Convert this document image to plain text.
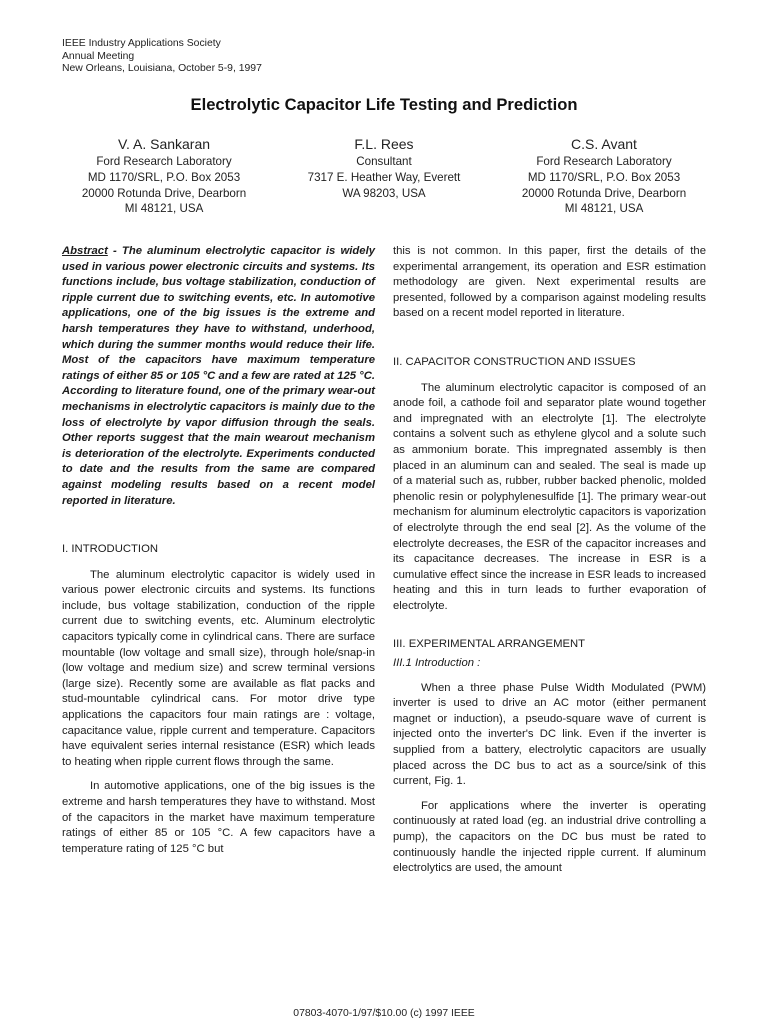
IEEE Industry Applications Society
Annual Meeting
New Orleans, Louisiana, October 5-9, 1997
Electrolytic Capacitor Life Testing and Prediction
V. A. Sankaran
Ford Research Laboratory
MD 1170/SRL, P.O. Box 2053
20000 Rotunda Drive, Dearborn
MI 48121, USA
F.L. Rees
Consultant
7317 E. Heather Way, Everett
WA 98203, USA
C.S. Avant
Ford Research Laboratory
MD 1170/SRL, P.O. Box 2053
20000 Rotunda Drive, Dearborn
MI 48121, USA

Abstract - The aluminum electrolytic capacitor is widely used in various power electronic circuits and systems. Its functions include, bus voltage stabilization, conduction of ripple current due to switching events, etc. In automotive applications, one of the big issues is the extreme and harsh temperatures they have to withstand, underhood, which during the summer months would reduce their life. Most of the capacitors have maximum temperature ratings of either 85 or 105 °C and a few are rated at 125 °C. According to literature found, one of the primary wear-out mechanisms in electrolytic capacitors is mainly due to the loss of electrolyte by vapor diffusion through the seals. Other reports suggest that the main wearout mechanism is deterioration of the electrolyte. Experiments conducted to date and the results from the same are compared against modeling results based on a recent model reported in literature.

I. INTRODUCTION

The aluminum electrolytic capacitor is widely used in various power electronic circuits and systems. Its functions include, bus voltage stabilization, conduction of the ripple current due to switching events, etc. Aluminum electrolytic capacitors typically come in cylindrical cans. There are surface mountable (low voltage and small size), through hole/snap-in (low voltage and medium size) and screw terminal versions (large size). Recently some are available as flat packs and stud-mountable cylindrical cans. For motor drive type applications the capacitors four main ratings are : voltage, capacitance value, ripple current and temperature. Capacitors have equivalent series internal resistance (ESR) which leads to heating when ripple current flows through the same.

In automotive applications, one of the big issues is the extreme and harsh temperatures they have to withstand. Most of the capacitors in the market have maximum temperature ratings of either 85 or 105 °C. A few capacitors have a temperature rating of 125 °C but

this is not common. In this paper, first the details of the experimental arrangement, its operation and ESR estimation methodology are given. Next experimental results are presented, followed by a comparison against modeling results based on a recent model reported in literature.

II. CAPACITOR CONSTRUCTION AND ISSUES

The aluminum electrolytic capacitor is composed of an anode foil, a cathode foil and separator plate wound together and impregnated with an electrolyte [1]. The electrolyte contains a solvent such as ethylene glycol and a solute such as ammonium borate. This impregnated assembly is then placed in an aluminum can and sealed. The seal is made up of a material such as, rubber, rubber backed phenolic, molded phenolic resin or polyphylenesulfide [1]. The primary wear-out mechanism for aluminum electrolytic capacitors is vaporization of electrolyte through the end seal [2]. As the volume of the electrolyte decreases, the ESR of the capacitor increases and its capacitance decreases. The increase in ESR is a cumulative effect since the increase in ESR leads to increased heating and this in turn leads to further evaporation of electrolyte.

III. EXPERIMENTAL ARRANGEMENT

III.1 Introduction :

When a three phase Pulse Width Modulated (PWM) inverter is used to drive an AC motor (either permanent magnet or induction), a pseudo-square wave of current is injected onto the inverter's DC link. Even if the inverter is supplied from a battery, electrolytic capacitors are usually placed across the DC bus to act as a source/sink of this current, Fig. 1.

For applications where the inverter is operating continuously at rated load (eg. an industrial drive controlling a pump), the capacitors on the DC bus must be rated to continuously handle the injected ripple current. If aluminum electrolytics are used, the amount

07803-4070-1/97/$10.00 (c) 1997 IEEE
